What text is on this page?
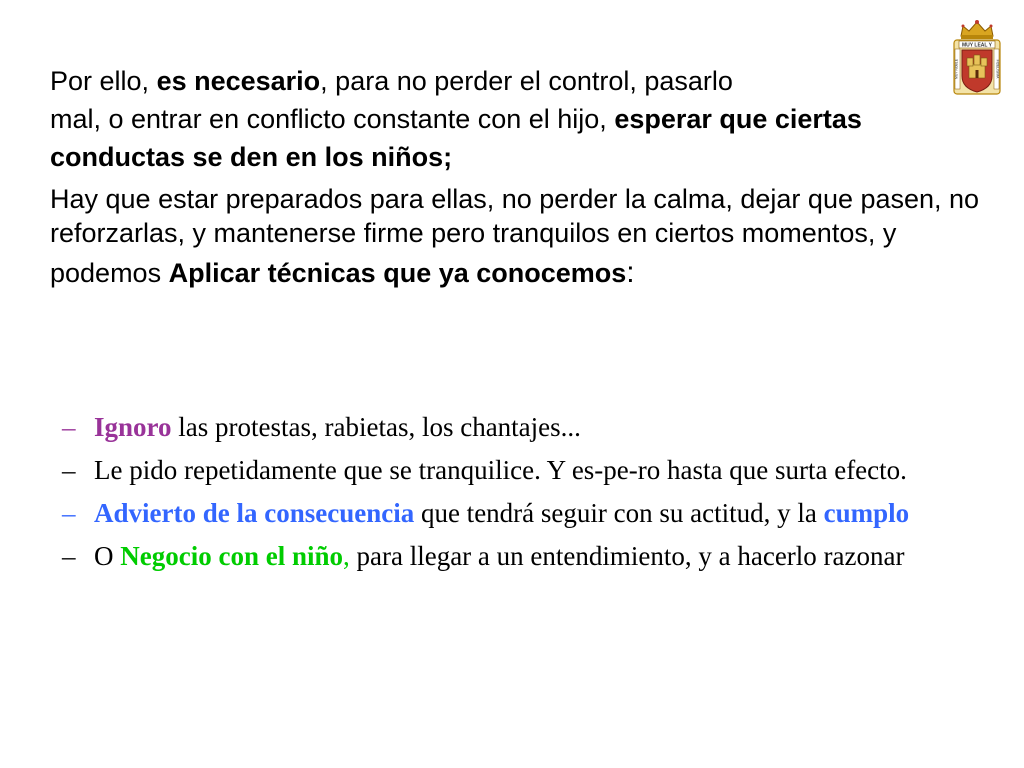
Por ello, es necesario, para no perder el control, pasarlo
mal, o entrar en conflicto constante con el hijo, esperar que ciertas conductas se den en los niños;

Hay que estar preparados para ellas, no perder la calma, dejar que pasen, no reforzarlas, y mantenerse firme pero tranquilos en ciertos momentos, y podemos Aplicar técnicas que ya conocemos:

– Ignoro las protestas, rabietas, los chantajes...
– Le pido repetidamente que se tranquilice. Y es-pe-ro hasta que surta efecto.
– Advierto de la consecuencia que tendrá seguir con su actitud, y la cumplo
– O Negocio con el niño, para llegar a un entendimiento, y a hacerlo razonar
MUY LEAL Y
MUY NOBLE	FIDELISIMA
